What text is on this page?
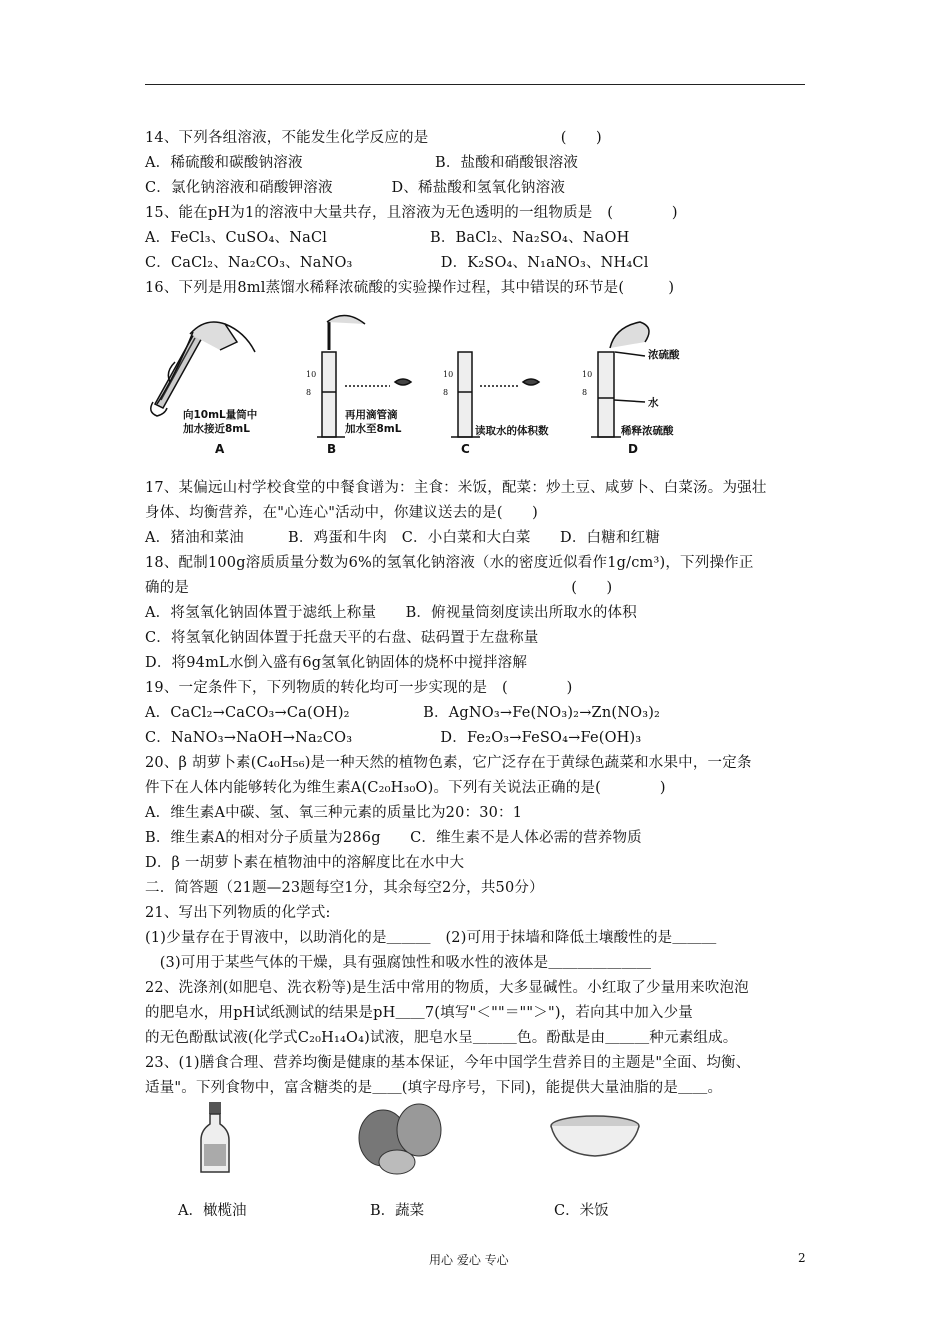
14、下列各组溶液，不能发生化学反应的是　　　　　　　　　(　　)
A．稀硫酸和碳酸钠溶液　　　　　　　　　B．盐酸和硝酸银溶液
C．氯化钠溶液和硝酸钾溶液　　　　D、稀盐酸和氢氧化钠溶液
15、能在pH为1的溶液中大量共存，且溶液为无色透明的一组物质是　(　　　　)
A．FeCl₃、CuSO₄、NaCl　　　　　　　B．BaCl₂、Na₂SO₄、NaOH
C．CaCl₂、Na₂CO₃、NaNO₃　　　　　　D．K₂SO₄、N₁aNO₃、NH₄Cl
16、下列是用8ml蒸馏水稀释浓硫酸的实验操作过程，其中错误的环节是(　　　)
10
8
10
8
10
8
向10mL量筒中
加水接近8mL
再用滴管滴
加水至8mL	读取水的体积数
浓硫酸
水
稀释浓硫酸
A	B	C	D
17、某偏远山村学校食堂的中餐食谱为：主食：米饭，配菜：炒土豆、咸萝卜、白菜汤。为强壮
身体、均衡营养，在"心连心"活动中，你建议送去的是(　　)
A．猪油和菜油　　　B．鸡蛋和牛肉　C．小白菜和大白菜　　D．白糖和红糖
18、配制100g溶质质量分数为6%的氢氧化钠溶液（水的密度近似看作1g/cm³)，下列操作正
确的是　　　　　　　　　　　　　　　　　　　　　　　　　　(　　)
A．将氢氧化钠固体置于滤纸上称量　　B．俯视量筒刻度读出所取水的体积
C．将氢氧化钠固体置于托盘天平的右盘、砝码置于左盘称量
D．将94mL水倒入盛有6g氢氧化钠固体的烧杯中搅拌溶解
19、一定条件下，下列物质的转化均可一步实现的是　(　　　　)
A．CaCl₂→CaCO₃→Ca(OH)₂　　　　　B．AgNO₃→Fe(NO₃)₂→Zn(NO₃)₂
C．NaNO₃→NaOH→Na₂CO₃　　　　　　D．Fe₂O₃→FeSO₄→Fe(OH)₃
20、β 胡萝卜素(C₄₀H₅₆)是一种天然的植物色素，它广泛存在于黄绿色蔬菜和水果中，一定条
件下在人体内能够转化为维生素A(C₂₀H₃₀O)。下列有关说法正确的是(　　　　)
A．维生素A中碳、氢、氧三种元素的质量比为20：30：1
B．维生素A的相对分子质量为286g　　C．维生素不是人体必需的营养物质
D．β 一胡萝卜素在植物油中的溶解度比在水中大
二．简答题（21题—23题每空1分，其余每空2分，共50分）
21、写出下列物质的化学式:
(1)少量存在于胃液中，以助消化的是＿＿＿　(2)可用于抹墙和降低土壤酸性的是＿＿＿
　(3)可用于某些气体的干燥，具有强腐蚀性和吸水性的液体是＿＿＿＿＿＿＿
22、洗涤剂(如肥皂、洗衣粉等)是生活中常用的物质，大多显碱性。小红取了少量用来吹泡泡
的肥皂水，用pH试纸测试的结果是pH＿＿7(填写"＜""＝""＞")，若向其中加入少量
的无色酚酞试液(化学式C₂₀H₁₄O₄)试液，肥皂水呈＿＿＿色。酚酞是由＿＿＿种元素组成。
23、(1)膳食合理、营养均衡是健康的基本保证，今年中国学生营养目的主题是"全面、均衡、
适量"。下列食物中，富含糖类的是＿＿(填字母序号，下同)，能提供大量油脂的是＿＿。
A．橄榄油	B．蔬菜	C．米饭
用心 爱心 专心	2
